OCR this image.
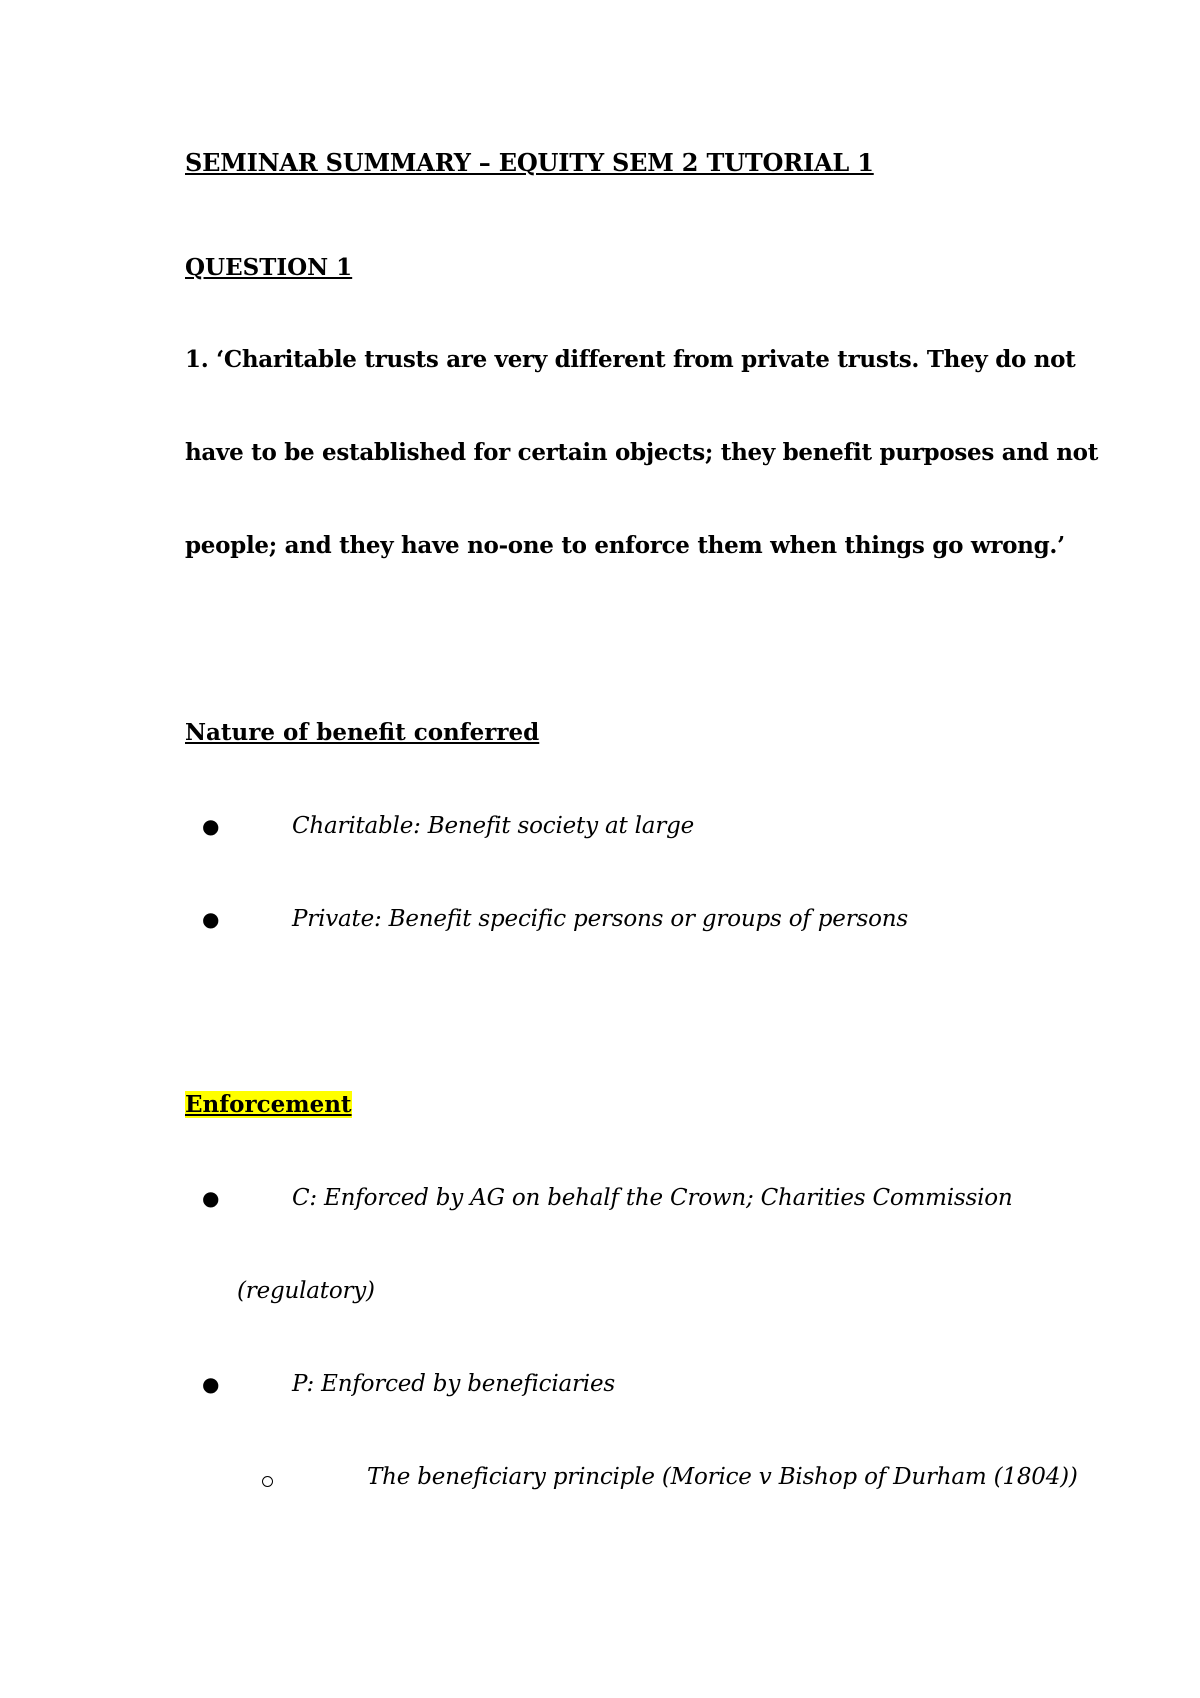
SEMINAR SUMMARY – EQUITY SEM 2 TUTORIAL 1
QUESTION 1
1. ‘Charitable trusts are very different from private trusts. They do not
have to be established for certain objects; they benefit purposes and not
people; and they have no-one to enforce them when things go wrong.’
Nature of benefit conferred
●	Charitable: Benefit society at large
●	Private: Benefit specific persons or groups of persons
Enforcement
●	C: Enforced by AG on behalf the Crown; Charities Commission
(regulatory)
●	P: Enforced by beneficiaries
The beneficiary principle (Morice v Bishop of Durham (1804))
